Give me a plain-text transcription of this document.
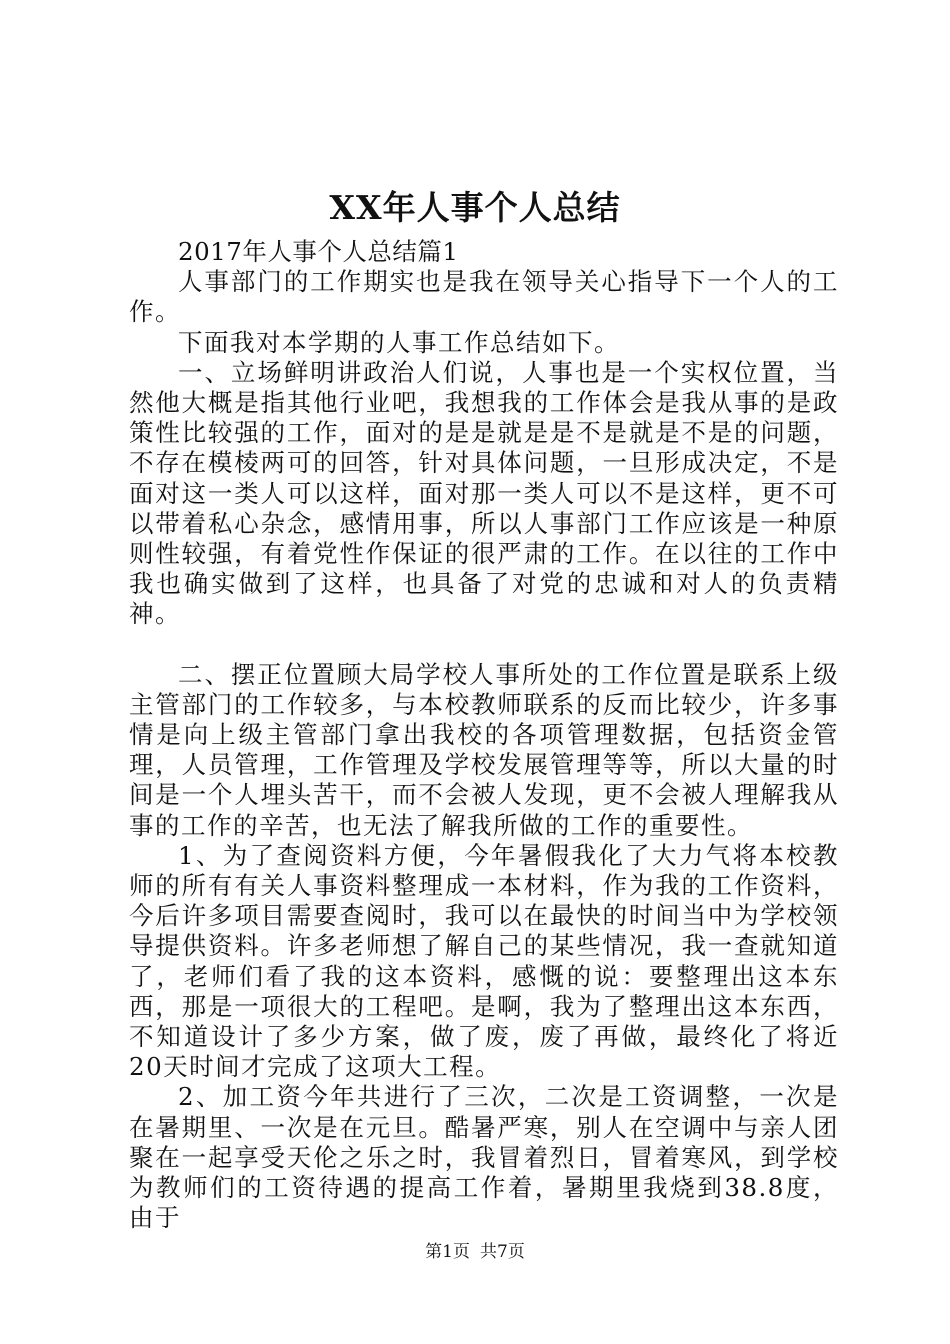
XX年人事个人总结

2017年人事个人总结篇1

人事部门的工作期实也是我在领导关心指导下一个人的工作。

下面我对本学期的人事工作总结如下。

一、立场鲜明讲政治人们说，人事也是一个实权位置，当然他大概是指其他行业吧，我想我的工作体会是我从事的是政策性比较强的工作，面对的是是就是是不是就是不是的问题，不存在模棱两可的回答，针对具体问题，一旦形成决定，不是面对这一类人可以这样，面对那一类人可以不是这样，更不可以带着私心杂念，感情用事，所以人事部门工作应该是一种原则性较强，有着党性作保证的很严肃的工作。在以往的工作中我也确实做到了这样，也具备了对党的忠诚和对人的负责精神。

二、摆正位置顾大局学校人事所处的工作位置是联系上级主管部门的工作较多，与本校教师联系的反而比较少，许多事情是向上级主管部门拿出我校的各项管理数据，包括资金管理，人员管理，工作管理及学校发展管理等等，所以大量的时间是一个人埋头苦干，而不会被人发现，更不会被人理解我从事的工作的辛苦，也无法了解我所做的工作的重要性。

1、为了查阅资料方便，今年暑假我化了大力气将本校教师的所有有关人事资料整理成一本材料，作为我的工作资料，今后许多项目需要查阅时，我可以在最快的时间当中为学校领导提供资料。许多老师想了解自己的某些情况，我一查就知道了，老师们看了我的这本资料，感慨的说：要整理出这本东西，那是一项很大的工程吧。是啊，我为了整理出这本东西，不知道设计了多少方案，做了废，废了再做，最终化了将近20天时间才完成了这项大工程。

2、加工资今年共进行了三次，二次是工资调整，一次是在暑期里、一次是在元旦。酷暑严寒，别人在空调中与亲人团聚在一起享受天伦之乐之时，我冒着烈日，冒着寒风，到学校为教师们的工资待遇的提高工作着，暑期里我烧到38.8度，由于

第1页 共7页
